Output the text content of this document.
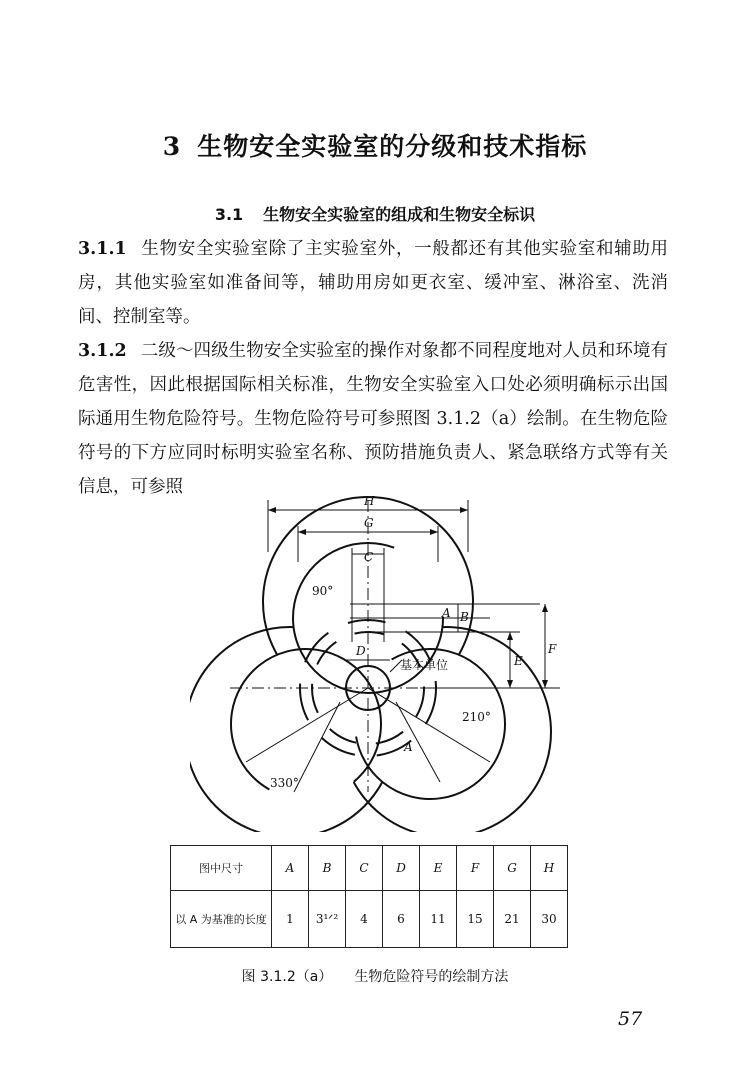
3 生物安全实验室的分级和技术指标
3.1 生物安全实验室的组成和生物安全标识
3.1.1 生物安全实验室除了主实验室外，一般都还有其他实验室和辅助用房，其他实验室如准备间等，辅助用房如更衣室、缓冲室、淋浴室、洗消间、控制室等。
3.1.2 二级～四级生物安全实验室的操作对象都不同程度地对人员和环境有危害性，因此根据国际相关标准，生物安全实验室入口处必须明确标示出国际通用生物危险符号。生物危险符号可参照图 3.1.2（a）绘制。在生物危险符号的下方应同时标明实验室名称、预防措施负责人、紧急联络方式等有关信息，可参照
H
G
C
D
A B
E
F
A
90°
210°
330°
基本单位
图中尺寸	A	B	C	D	E	F	G	H
以 A 为基准的长度	1	3¹ᐟ²	4	6	11	15	21	30
图 3.1.2（a） 生物危险符号的绘制方法
57
